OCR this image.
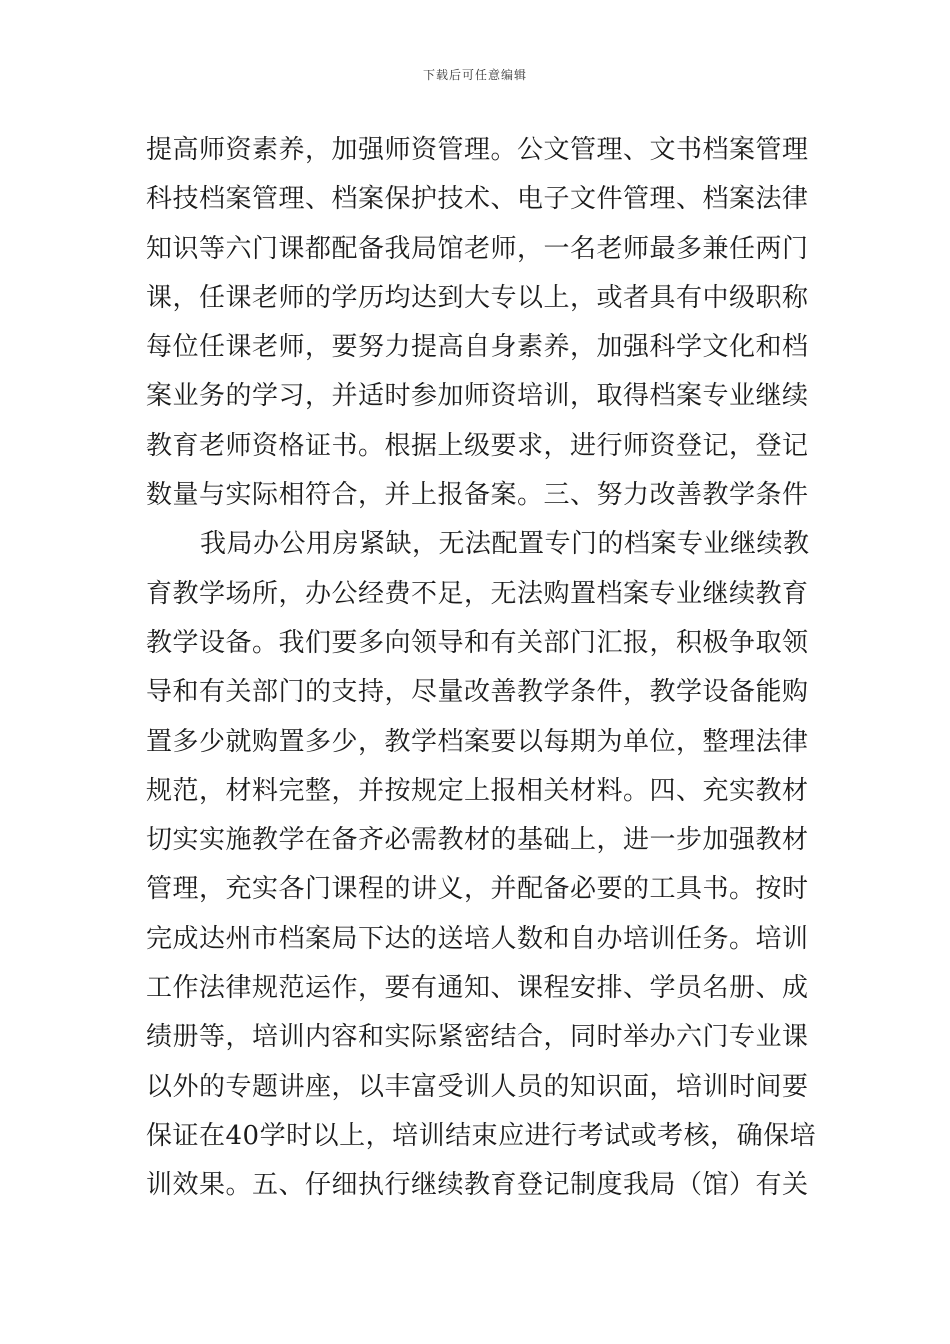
下载后可任意编辑
提高师资素养，加强师资管理。公文管理、文书档案管理
科技档案管理、档案保护技术、电子文件管理、档案法律
知识等六门课都配备我局馆老师，一名老师最多兼任两门
课，任课老师的学历均达到大专以上，或者具有中级职称
每位任课老师，要努力提高自身素养，加强科学文化和档
案业务的学习，并适时参加师资培训，取得档案专业继续
教育老师资格证书。根据上级要求，进行师资登记，登记
数量与实际相符合，并上报备案。三、努力改善教学条件
我局办公用房紧缺，无法配置专门的档案专业继续教
育教学场所，办公经费不足，无法购置档案专业继续教育
教学设备。我们要多向领导和有关部门汇报，积极争取领
导和有关部门的支持，尽量改善教学条件，教学设备能购
置多少就购置多少，教学档案要以每期为单位，整理法律
规范，材料完整，并按规定上报相关材料。四、充实教材
切实实施教学在备齐必需教材的基础上，进一步加强教材
管理，充实各门课程的讲义，并配备必要的工具书。按时
完成达州市档案局下达的送培人数和自办培训任务。培训
工作法律规范运作，要有通知、课程安排、学员名册、成
绩册等，培训内容和实际紧密结合，同时举办六门专业课
以外的专题讲座，以丰富受训人员的知识面，培训时间要
保证在40学时以上，培训结束应进行考试或考核，确保培
训效果。五、仔细执行继续教育登记制度我局（馆）有关
